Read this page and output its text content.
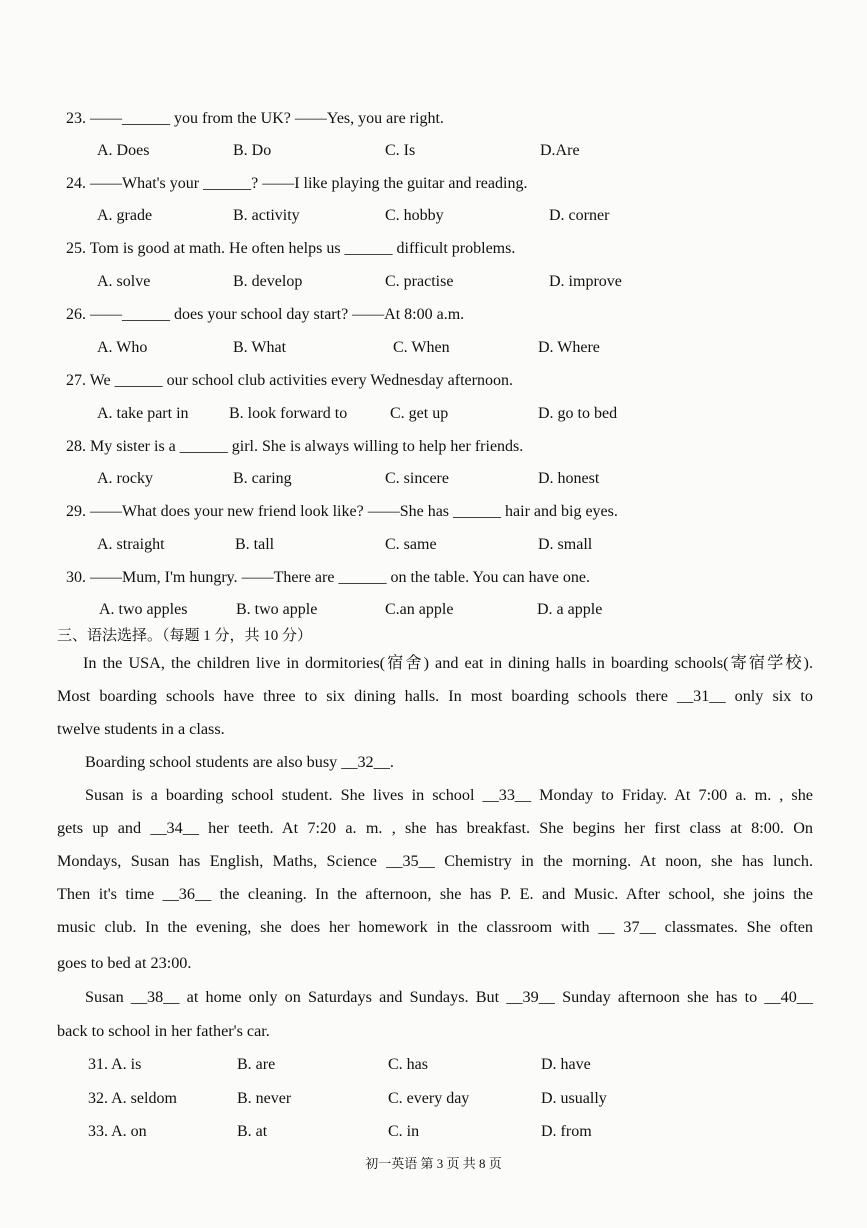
23. ——______ you from the UK? ——Yes, you are right.
A. Does	B. Do	C. Is	D.Are
24. ——What's your ______? ——I like playing the guitar and reading.
A. grade	B. activity	C. hobby	D. corner
25. Tom is good at math. He often helps us ______ difficult problems.
A. solve	B. develop	C. practise	D. improve
26. ——______ does your school day start? ——At 8:00 a.m.
A. Who	B. What	C. When	D. Where
27. We ______ our school club activities every Wednesday afternoon.
A. take part in	B. look forward to	C. get up	D. go to bed
28. My sister is a ______ girl. She is always willing to help her friends.
A. rocky	B. caring	C. sincere	D. honest
29. ——What does your new friend look like? ——She has ______ hair and big eyes.
A. straight	B. tall	C. same	D. small
30. ——Mum, I'm hungry. ——There are ______ on the table. You can have one.
A. two apples	B. two apple	C.an apple	D. a apple
三、语法选择。（每题 1 分，共 10 分）
In the USA, the children live in dormitories(宿舍) and eat in dining halls in boarding schools(寄宿学校).
Most boarding schools have three to six dining halls. In most boarding schools there __31__ only six to
twelve students in a class.
Boarding school students are also busy __32__.
Susan is a boarding school student. She lives in school __33__ Monday to Friday. At 7:00 a. m. , she
gets up and __34__ her teeth. At 7:20 a. m. , she has breakfast. She begins her first class at 8:00. On
Mondays, Susan has English, Maths, Science __35__ Chemistry in the morning. At noon, she has lunch.
Then it's time __36__ the cleaning. In the afternoon, she has P. E. and Music. After school, she joins the
music club. In the evening, she does her homework in the classroom with __ 37__ classmates. She often
goes to bed at 23:00.
Susan __38__ at home only on Saturdays and Sundays. But __39__ Sunday afternoon she has to __40__
back to school in her father's car.
31. A. is	B. are	C. has	D. have
32. A. seldom	B. never	C. every day	D. usually
33. A. on	B. at	C. in	D. from
初一英语 第 3 页 共 8 页
